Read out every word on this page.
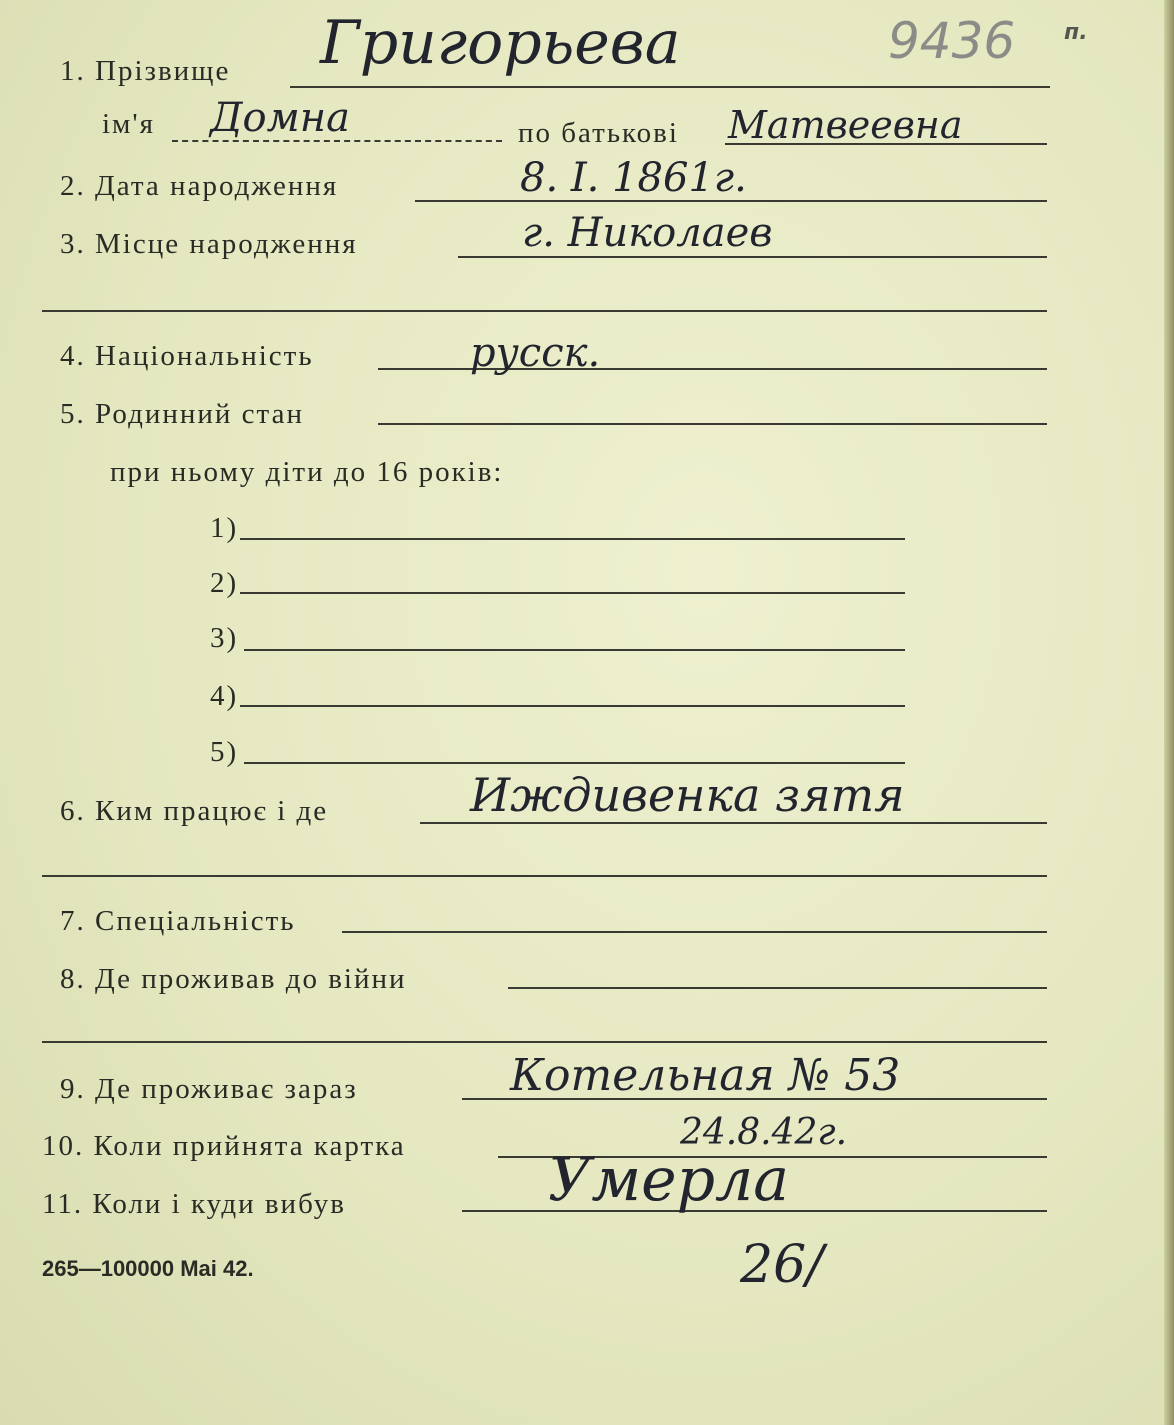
9436 п.
1. Прізвище Григорьева
ім'я Домна	по батькові Матвеевна
2. Дата народження	8. I. 1861г.
3. Місце народження	г. Николаев
4. Національність	русск.
5. Родинний стан
при ньому діти до 16 років:
1)
2)
3)
4)
5)
6. Ким працює і де	Иждивенка зятя
7. Спеціальність
8. Де проживав до війни
9. Де проживає зараз	Котельная № 53
10. Коли прийнята картка	24.8.42г.
11. Коли і куди вибув	Умерла
265—100000 Mai 42.	26/
